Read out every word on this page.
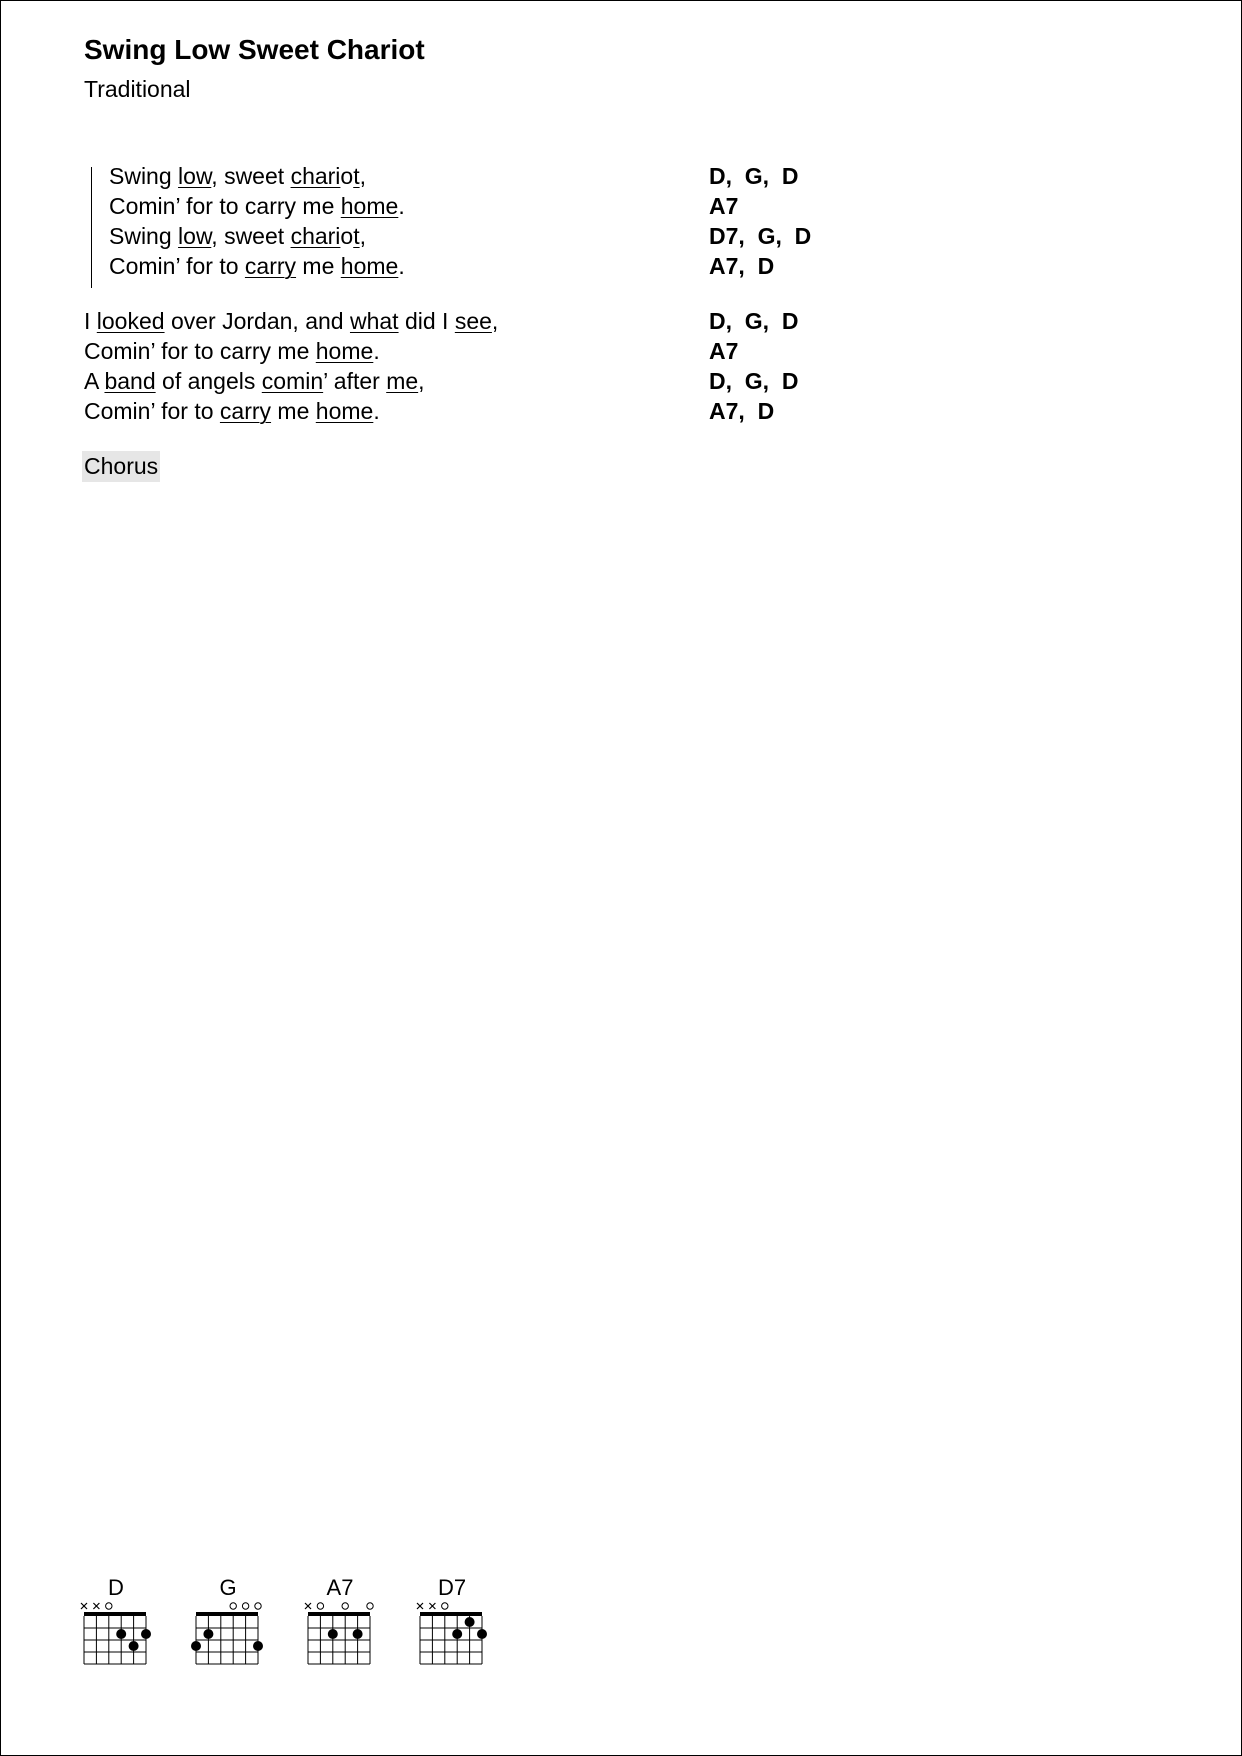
Swing Low Sweet Chariot
Traditional
Swing low, sweet chariot,	D,  G,  D
Comin’ for to carry me home.	A7
Swing low, sweet chariot,	D7,  G,  D
Comin’ for to carry me home.	A7,  D
I looked over Jordan, and what did I see,	D,  G,  D
Comin’ for to carry me home.	A7
A band of angels comin’ after me,	D,  G,  D
Comin’ for to carry me home.	A7,  D
Chorus
D	G	A7	D7
